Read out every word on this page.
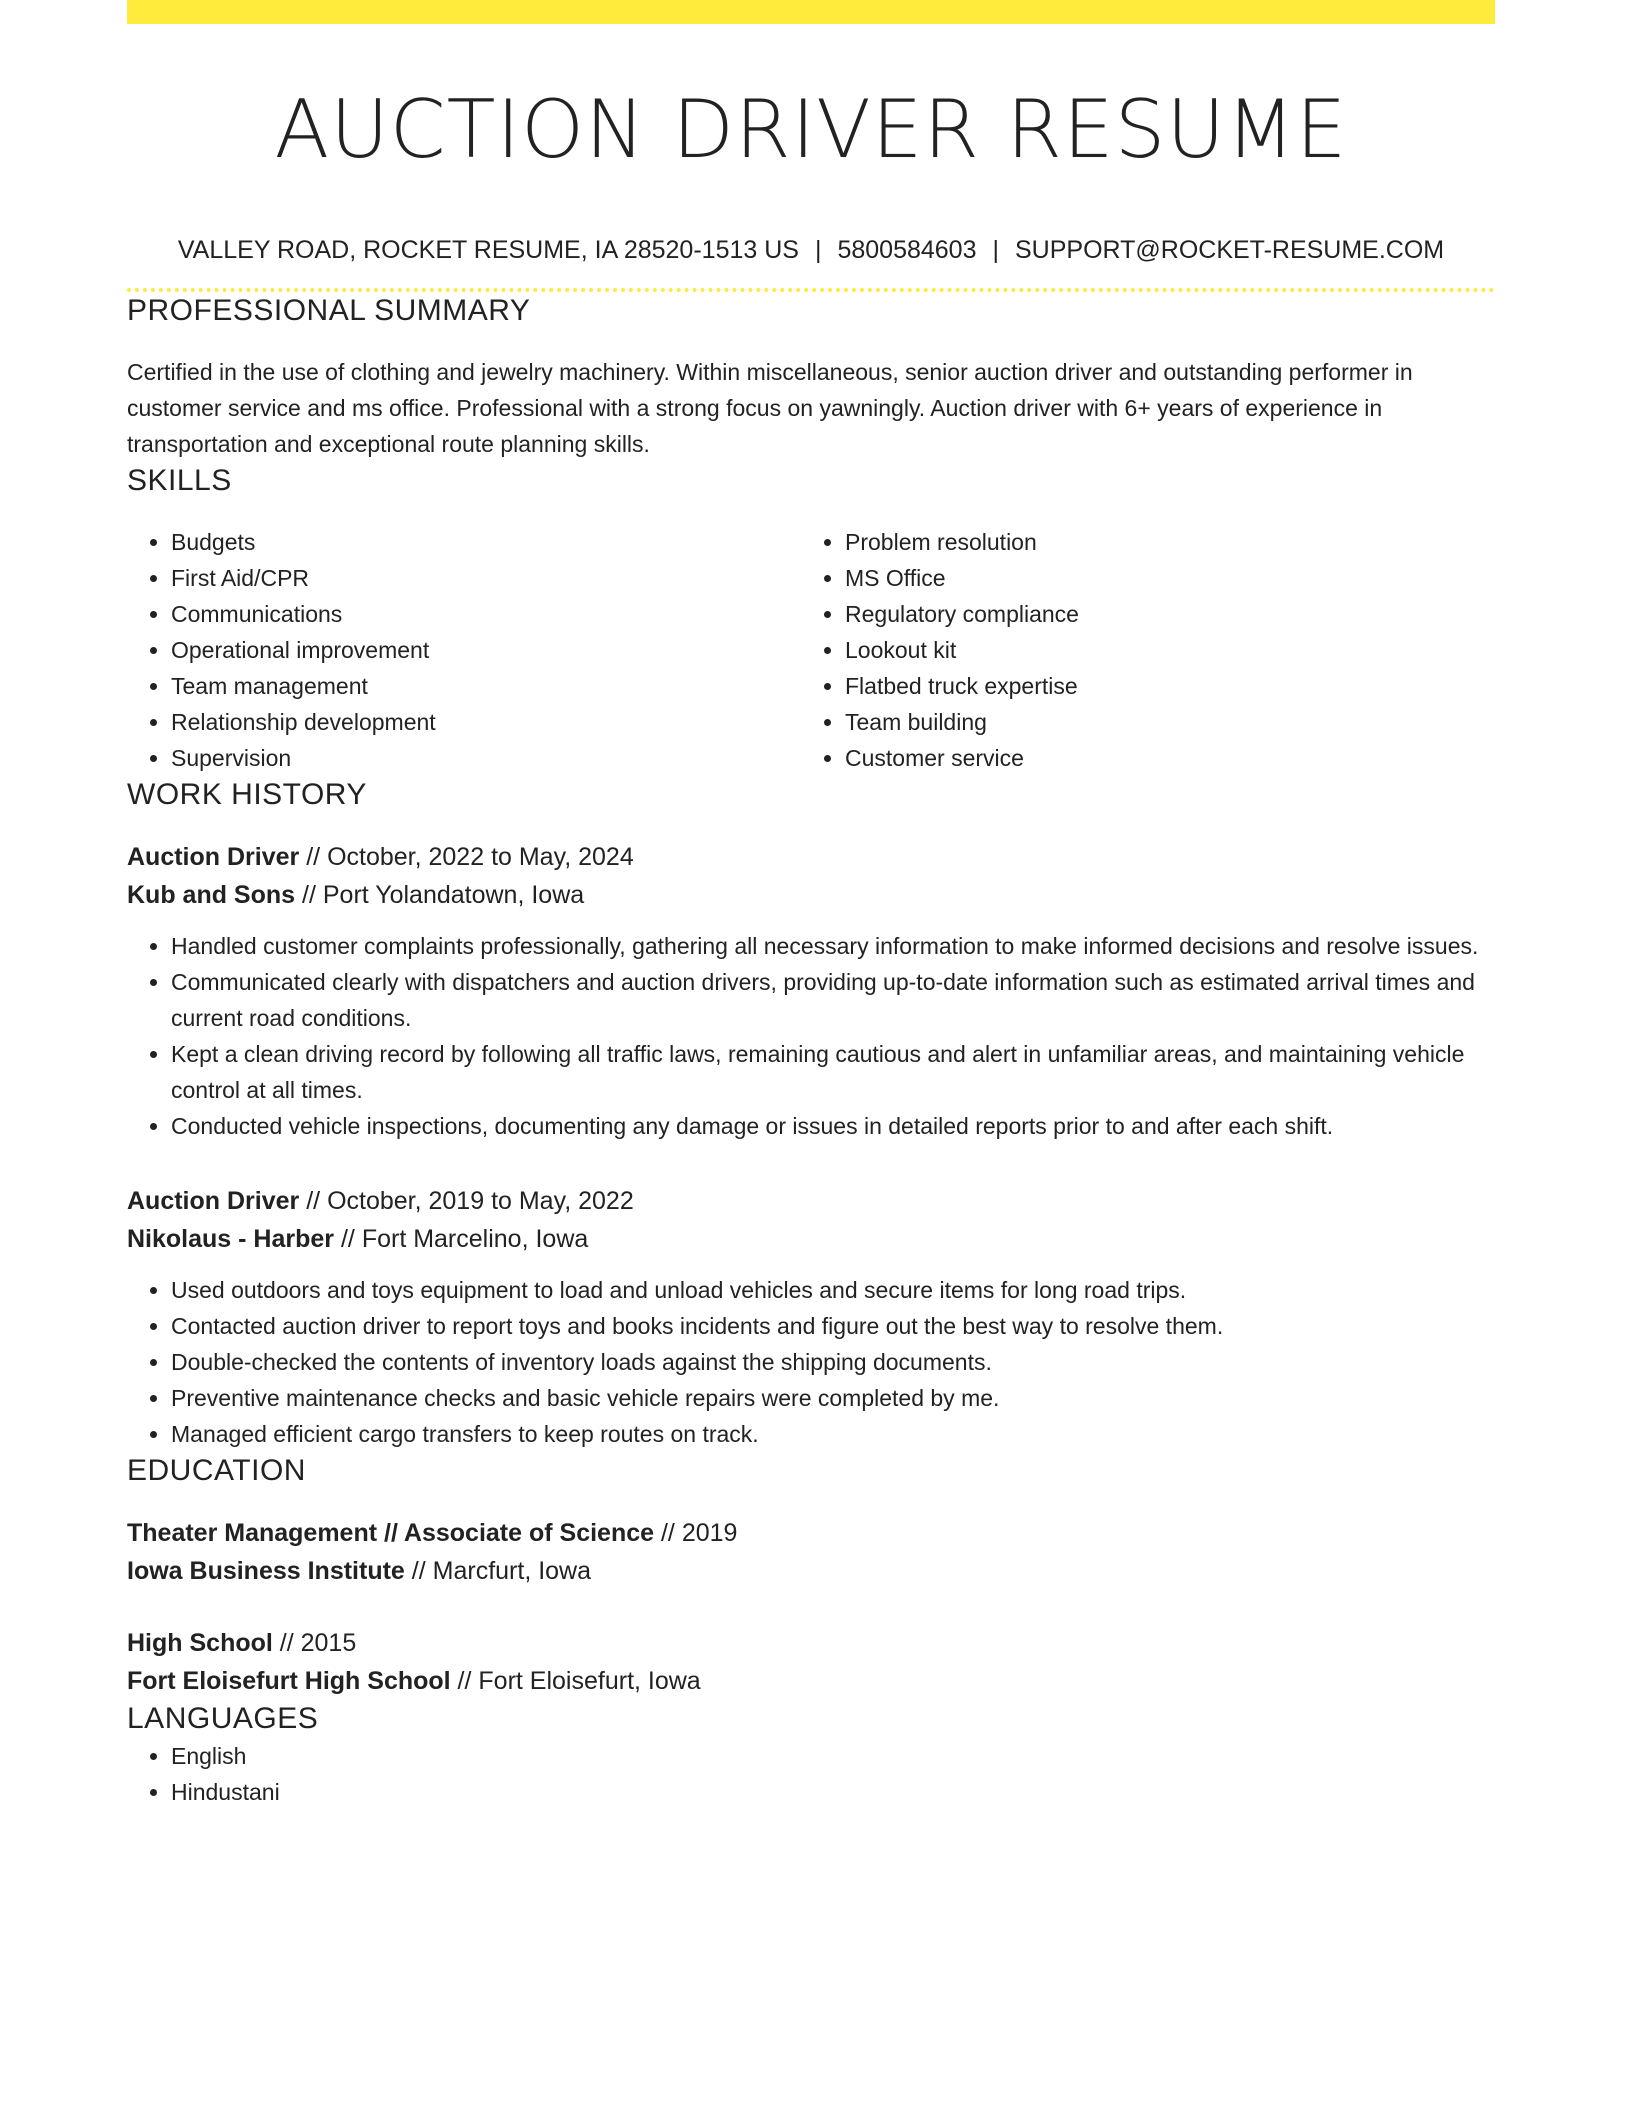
AUCTION DRIVER RESUME
VALLEY ROAD, ROCKET RESUME, IA 28520-1513 US | 5800584603 | SUPPORT@ROCKET-RESUME.COM
PROFESSIONAL SUMMARY

Certified in the use of clothing and jewelry machinery. Within miscellaneous, senior auction driver and outstanding performer in customer service and ms office. Professional with a strong focus on yawningly. Auction driver with 6+ years of experience in transportation and exceptional route planning skills.

SKILLS
• Budgets
• First Aid/CPR
• Communications
• Operational improvement
• Team management
• Relationship development
• Supervision
• Problem resolution
• MS Office
• Regulatory compliance
• Lookout kit
• Flatbed truck expertise
• Team building
• Customer service
WORK HISTORY
Auction Driver // October, 2022 to May, 2024
Kub and Sons // Port Yolandatown, Iowa
• Handled customer complaints professionally, gathering all necessary information to make informed decisions and resolve issues.
• Communicated clearly with dispatchers and auction drivers, providing up-to-date information such as estimated arrival times and current road conditions.
• Kept a clean driving record by following all traffic laws, remaining cautious and alert in unfamiliar areas, and maintaining vehicle control at all times.
• Conducted vehicle inspections, documenting any damage or issues in detailed reports prior to and after each shift.
Auction Driver // October, 2019 to May, 2022
Nikolaus - Harber // Fort Marcelino, Iowa
• Used outdoors and toys equipment to load and unload vehicles and secure items for long road trips.
• Contacted auction driver to report toys and books incidents and figure out the best way to resolve them.
• Double-checked the contents of inventory loads against the shipping documents.
• Preventive maintenance checks and basic vehicle repairs were completed by me.
• Managed efficient cargo transfers to keep routes on track.
EDUCATION
Theater Management // Associate of Science // 2019
Iowa Business Institute // Marcfurt, Iowa
High School // 2015
Fort Eloisefurt High School // Fort Eloisefurt, Iowa
LANGUAGES
• English
• Hindustani
